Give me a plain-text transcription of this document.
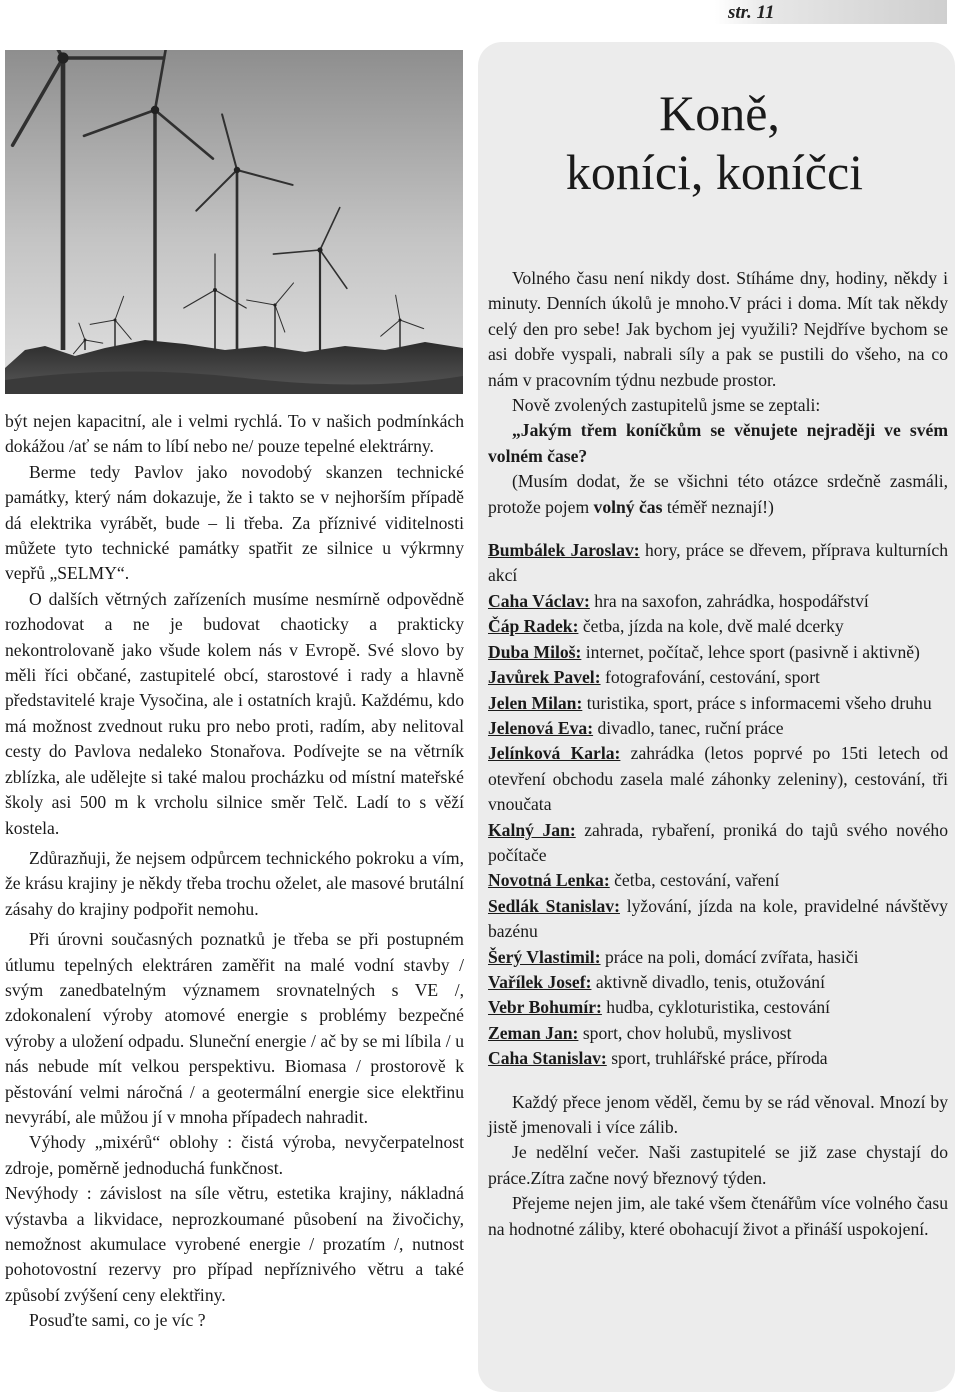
str. 11

být nejen kapacitní, ale i velmi rychlá. To v našich podmínkách dokážou /ať se nám to líbí nebo ne/ pouze tepelné elektrárny.

Berme tedy Pavlov jako novodobý skanzen technické památky, který nám dokazuje, že i takto se v nejhorším případě dá elektrika vyrábět, bude – li třeba. Za příznivé viditelnosti můžete tyto technické památky spatřit ze silnice u výkrmny vepřů „SELMY“.

O dalších větrných zařízeních musíme nesmírně odpovědně rozhodovat a ne je budovat chaoticky a prakticky nekontrolovaně jako všude kolem nás v Evropě. Své slovo by měli říci občané, zastupitelé obcí, starostové i rady a hlavně představitelé kraje Vysočina, ale i ostatních krajů. Každému, kdo má možnost zvednout ruku pro nebo proti, radím, aby nelitoval cesty do Pavlova nedaleko Stonařova. Podívejte se na větrník zblízka, ale udělejte si také malou procházku od místní mateřské školy asi 500 m k vrcholu silnice směr Telč. Ladí to s věží kostela.

Zdůrazňuji, že nejsem odpůrcem technického pokroku a vím, že krásu krajiny je někdy třeba trochu oželet, ale masové brutální zásahy do krajiny podpořit nemohu.

Při úrovni současných poznatků je třeba se při postupném útlumu tepelných elektráren zaměřit na malé vodní stavby / svým zanedbatelným významem srovnatelných s VE /, zdokonalení výroby atomové energie s problémy bezpečné výroby a uložení odpadu. Sluneční energie / ač by se mi líbila / u nás nebude mít velkou perspektivu. Biomasa / prostorově k pěstování velmi náročná / a geotermální energie sice elektřinu nevyrábí, ale můžou jí v mnoha případech nahradit.

Výhody „mixérů“ oblohy : čistá výroba, nevyčerpatelnost zdroje, poměrně jednoduchá funkčnost.

Nevýhody : závislost na síle větru, estetika krajiny, nákladná výstavba a likvidace, neprozkoumané působení na živočichy, nemožnost akumulace vyrobené energie / prozatím /, nutnost pohotovostní rezervy pro případ nepříznivého větru a také způsobí zvýšení ceny elektřiny.

Posuďte sami, co je víc ?

Koně,
koníci, koníčci

Volného času není nikdy dost. Stíháme dny, hodiny, někdy i minuty. Denních úkolů je mnoho.V práci i doma. Mít tak někdy celý den pro sebe! Jak bychom jej využili? Nejdříve bychom se asi dobře vyspali, nabrali síly a pak se pustili do všeho, na co nám v pracovním týdnu nezbude prostor.

Nově zvolených zastupitelů jsme se zeptali:

„Jakým třem koníčkům se věnujete nejraději ve svém volném čase?

(Musím dodat, že se všichni této otázce srdečně zasmáli, protože pojem volný čas téměř neznají!)

Bumbálek Jaroslav: hory, práce se dřevem, příprava kulturních akcí

Caha Václav: hra na saxofon, zahrádka, hospodářství

Čáp Radek: četba, jízda na kole, dvě malé dcerky

Duba Miloš: internet, počítač, lehce sport (pasivně i aktivně)

Javůrek Pavel: fotografování, cestování, sport

Jelen Milan: turistika, sport, práce s informacemi všeho druhu

Jelenová Eva: divadlo, tanec, ruční práce

Jelínková Karla: zahrádka (letos poprvé po 15ti letech od otevření obchodu zasela malé záhonky zeleniny), cestování, tři vnoučata

Kalný Jan: zahrada, rybaření, proniká do tajů svého nového počítače

Novotná Lenka: četba, cestování, vaření

Sedlák Stanislav: lyžování, jízda na kole, pravidelné návštěvy bazénu

Šerý Vlastimil: práce na poli, domácí zvířata, hasiči

Vařílek Josef: aktivně divadlo, tenis, otužování

Vebr Bohumír: hudba, cykloturistika, cestování

Zeman Jan: sport, chov holubů, myslivost

Caha Stanislav: sport, truhlářské práce, příroda

Každý přece jenom věděl, čemu by se rád věnoval. Mnozí by jistě jmenovali i více zálib.

Je nedělní večer. Naši zastupitelé se již zase chystají do práce.Zítra začne nový březnový týden.

Přejeme nejen jim, ale také všem čtenářům více volného času na hodnotné záliby, které obohacují život a přináší uspokojení.
